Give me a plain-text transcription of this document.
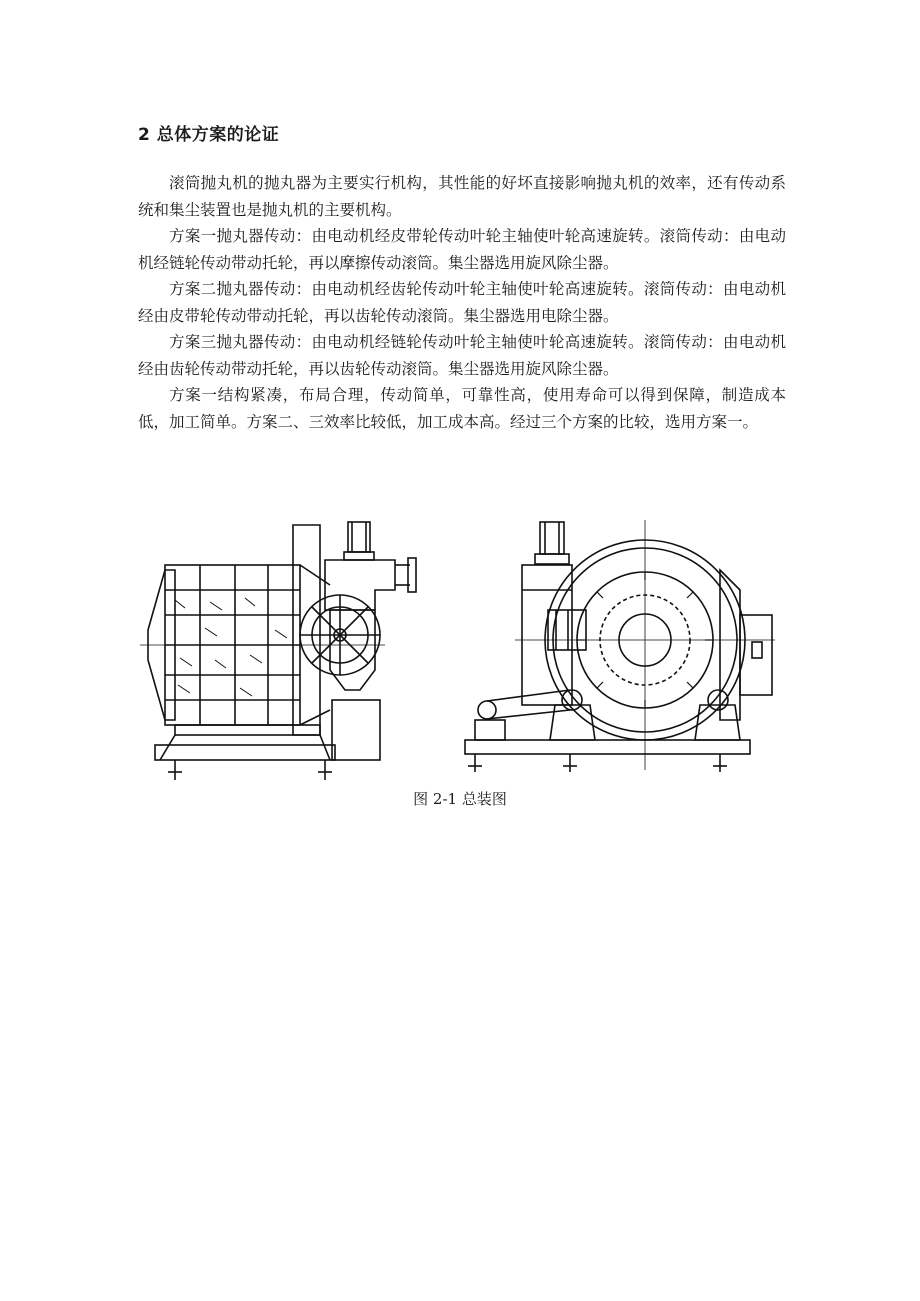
2 总体方案的论证

滚筒抛丸机的抛丸器为主要实行机构，其性能的好坏直接影响抛丸机的效率，还有传动系统和集尘装置也是抛丸机的主要机构。

方案一抛丸器传动：由电动机经皮带轮传动叶轮主轴使叶轮高速旋转。滚筒传动：由电动机经链轮传动带动托轮，再以摩擦传动滚筒。集尘器选用旋风除尘器。

方案二抛丸器传动：由电动机经齿轮传动叶轮主轴使叶轮高速旋转。滚筒传动：由电动机经由皮带轮传动带动托轮，再以齿轮传动滚筒。集尘器选用电除尘器。

方案三抛丸器传动：由电动机经链轮传动叶轮主轴使叶轮高速旋转。滚筒传动：由电动机经由齿轮传动带动托轮，再以齿轮传动滚筒。集尘器选用旋风除尘器。

方案一结构紧凑，布局合理，传动简单，可靠性高，使用寿命可以得到保障，制造成本低，加工简单。方案二、三效率比较低，加工成本高。经过三个方案的比较，选用方案一。

图 2-1 总装图
